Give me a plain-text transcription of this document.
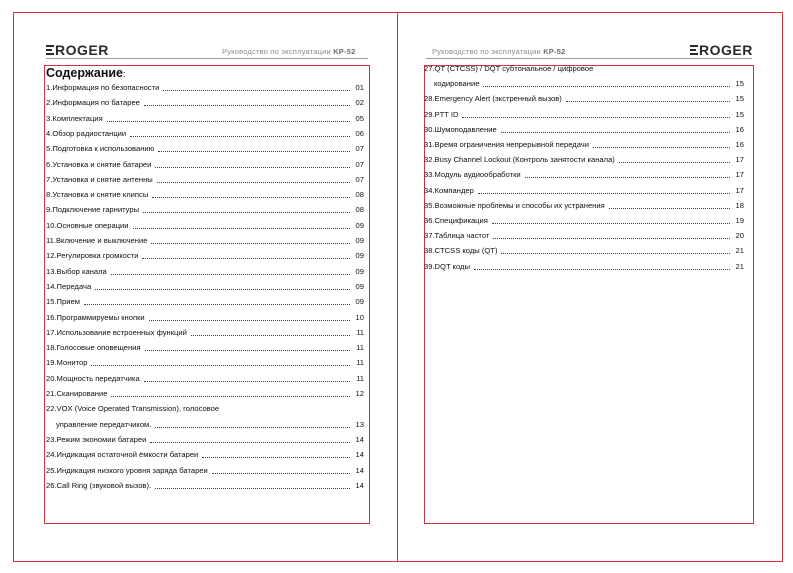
ROGER	Руководство по эксплуатации KP-52	Руководство по эксплуатации KP-52	ROGER
Содержание:
1.Информация по безопасности	01
2.Информация по батарее	02
3.Комплектация	05
4.Обзор радиостанции	06
5.Подготовка к использованию	07
6.Установка и снятие батареи	07
7.Установка и снятие антенны	07
8.Установка и снятие клипсы	08
9.Подключение гарнитуры	08
10.Основные операции	09
11.Включение и выключение	09
12.Регулировка громкости	09
13.Выбор канала	09
14.Передача	09
15.Прием	09
16.Программируемы кнопки	10
17.Использование встроенных функций	11
18.Голосовые оповещения	11
19.Монитор	11
20.Мощность передатчика	11
21.Сканирование	12
22.VOX (Voice Operated Transmission), голосовое
управление передатчиком.	13
23.Режим экономии батареи	14
24.Индикация остаточной ёмкости батареи	14
25.Индикация низкого уровня заряда батареи	14
26.Call Ring (звуковой вызов).	14
27.QT (CTCSS) / DQT субтональное / цифровое
кодирование	15
28.Emergency Alert (экстренный вызов)	15
29.PTT ID	15
30.Шумоподавление	16
31.Время ограничения непрерывной передачи	16
32.Busy Channel Lockout (Контроль занятости канала)	17
33.Модуль аудиообработки	17
34.Компандер	17
35.Возможные проблемы и способы их устранения	18
36.Спецификация	19
37.Таблица частот	20
38.CTCSS коды (QT)	21
39.DQT коды	21
